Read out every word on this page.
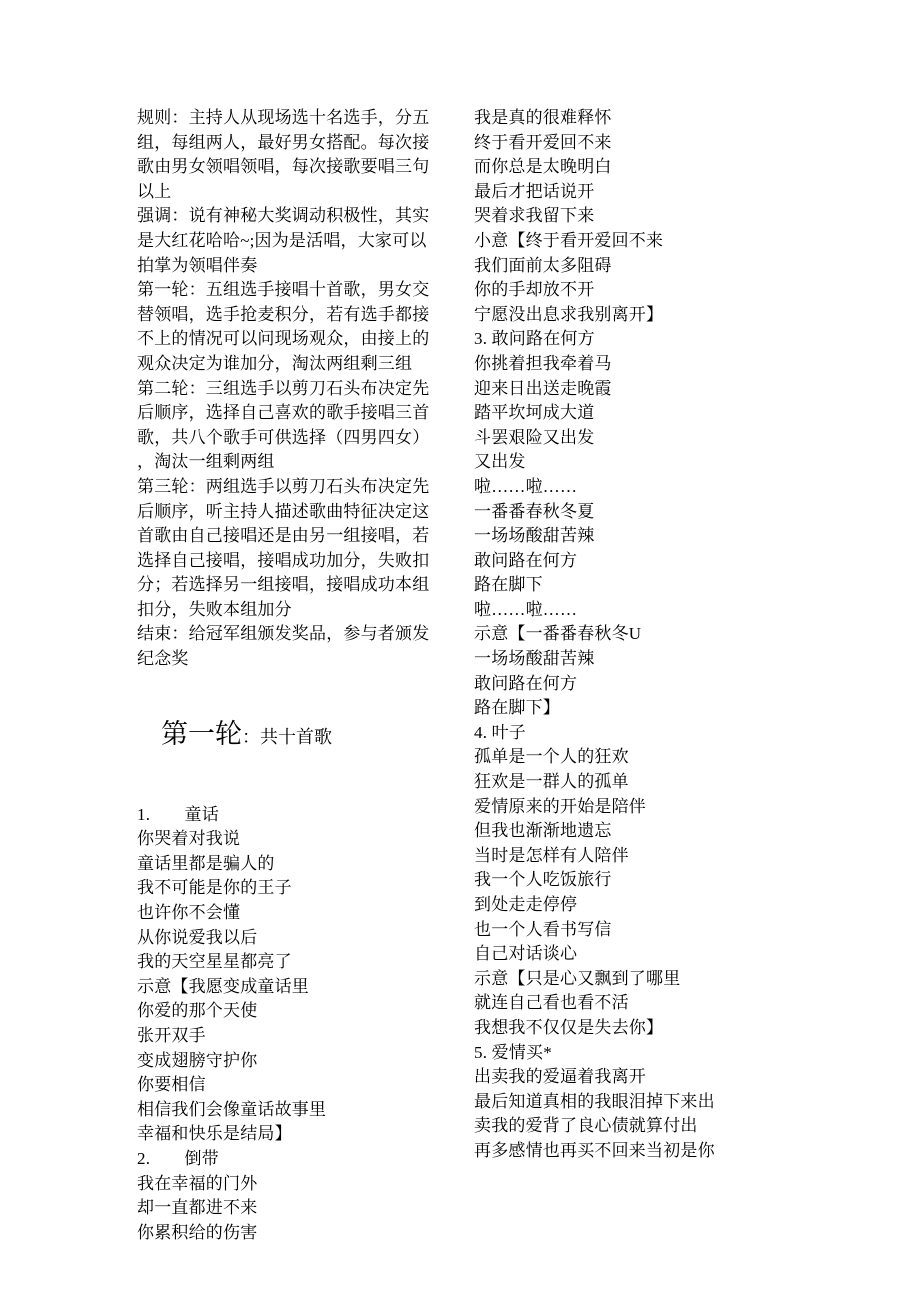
规则：主持人从现场选十名选手，分五
组，每组两人，最好男女搭配。每次接
歌由男女领唱领唱，每次接歌要唱三句
以上
强调：说有神秘大奖调动积极性，其实
是大红花哈哈~;因为是活唱，大家可以
拍掌为领唱伴奏
第一轮：五组选手接唱十首歌，男女交
替领唱，选手抢麦积分，若有选手都接
不上的情况可以问现场观众，由接上的
观众决定为谁加分，淘汰两组剩三组
第二轮：三组选手以剪刀石头布决定先
后顺序，选择自己喜欢的歌手接唱三首
歌，共八个歌手可供选择（四男四女）
，淘汰一组剩两组
第三轮：两组选手以剪刀石头布决定先
后顺序，听主持人描述歌曲特征决定这
首歌由自己接唱还是由另一组接唱，若
选择自己接唱，接唱成功加分，失败扣
分；若选择另一组接唱，接唱成功本组
扣分，失败本组加分
结束：给冠军组颁发奖品，参与者颁发
纪念奖

第一轮：共十首歌

1.　　童话
你哭着对我说
童话里都是骗人的
我不可能是你的王子
也许你不会懂
从你说爱我以后
我的天空星星都亮了
示意【我愿变成童话里
你爱的那个天使
张开双手
变成翅膀守护你
你要相信
相信我们会像童话故事里
幸福和快乐是结局】
2.　　倒带
我在幸福的门外
却一直都进不来
你累积给的伤害
我是真的很难释怀
终于看开爱回不来
而你总是太晚明白
最后才把话说开
哭着求我留下来
小意【终于看开爱回不来
我们面前太多阻碍
你的手却放不开
宁愿没出息求我别离开】
3. 敢问路在何方
你挑着担我牵着马
迎来日出送走晚霞
踏平坎坷成大道
斗罢艰险又出发
又出发
啦……啦……
一番番春秋冬夏
一场场酸甜苦辣
敢问路在何方
路在脚下
啦……啦……
示意【一番番春秋冬U
一场场酸甜苦辣
敢问路在何方
路在脚下】
4. 叶子
孤单是一个人的狂欢
狂欢是一群人的孤单
爱情原来的开始是陪伴
但我也渐渐地遗忘
当时是怎样有人陪伴
我一个人吃饭旅行
到处走走停停
也一个人看书写信
自己对话谈心
示意【只是心又飘到了哪里
就连自己看也看不活
我想我不仅仅是失去你】
5. 爱情买*
出卖我的爱逼着我离开
最后知道真相的我眼泪掉下来出
卖我的爱背了良心债就算付出
再多感情也再买不回来当初是你
